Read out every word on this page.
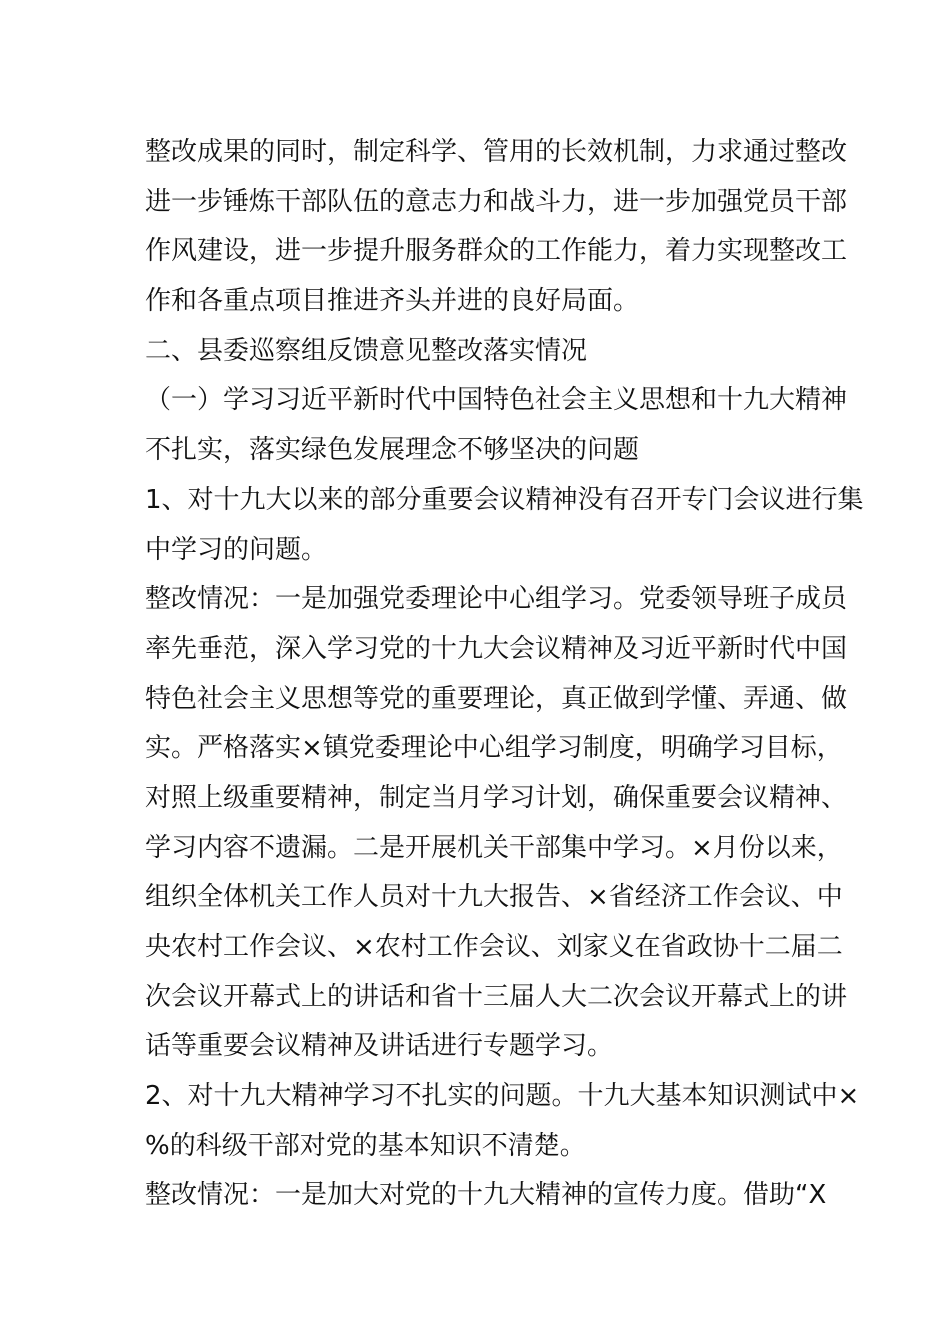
整改成果的同时，制定科学、管用的长效机制，力求通过整改
进一步锤炼干部队伍的意志力和战斗力，进一步加强党员干部
作风建设，进一步提升服务群众的工作能力，着力实现整改工
作和各重点项目推进齐头并进的良好局面。
二、县委巡察组反馈意见整改落实情况
（一）学习习近平新时代中国特色社会主义思想和十九大精神
不扎实，落实绿色发展理念不够坚决的问题
1、对十九大以来的部分重要会议精神没有召开专门会议进行集
中学习的问题。
整改情况：一是加强党委理论中心组学习。党委领导班子成员
率先垂范，深入学习党的十九大会议精神及习近平新时代中国
特色社会主义思想等党的重要理论，真正做到学懂、弄通、做
实。严格落实×镇党委理论中心组学习制度，明确学习目标，
对照上级重要精神，制定当月学习计划，确保重要会议精神、
学习内容不遗漏。二是开展机关干部集中学习。×月份以来，
组织全体机关工作人员对十九大报告、×省经济工作会议、中
央农村工作会议、×农村工作会议、刘家义在省政协十二届二
次会议开幕式上的讲话和省十三届人大二次会议开幕式上的讲
话等重要会议精神及讲话进行专题学习。
2、对十九大精神学习不扎实的问题。十九大基本知识测试中×
%的科级干部对党的基本知识不清楚。
整改情况：一是加大对党的十九大精神的宣传力度。借助“X
